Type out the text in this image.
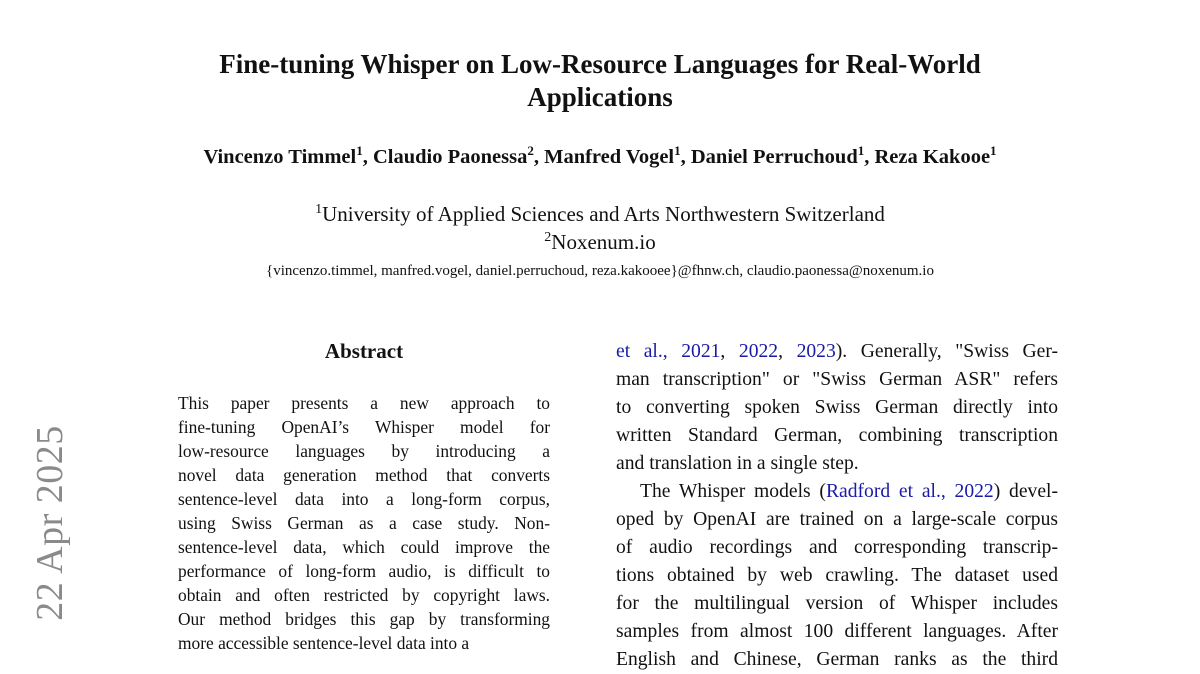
Fine-tuning Whisper on Low-Resource Languages for Real-World Applications
Vincenzo Timmel$^1$, Claudio Paonessa$^2$, Manfred Vogel$^1$, Daniel Perruchoud$^1$, Reza Kakooe$^1$
$^1$University of Applied Sciences and Arts Northwestern Switzerland
$^2$Noxenum.io
{vincenzo.timmel, manfred.vogel, daniel.perruchoud, reza.kakooee}@fhnw.ch, claudio.paonessa@noxenum.io
22 Apr 2025
Abstract
This paper presents a new approach to
fine-tuning OpenAI’s Whisper model for
low-resource languages by introducing a
novel data generation method that converts
sentence-level data into a long-form corpus,
using Swiss German as a case study. Non-
sentence-level data, which could improve the
performance of long-form audio, is difficult to
obtain and often restricted by copyright laws.
Our method bridges this gap by transforming
more accessible sentence-level data into a
et al., 2021, 2022, 2023). Generally, "Swiss Ger-
man transcription" or "Swiss German ASR" refers
to converting spoken Swiss German directly into
written Standard German, combining transcription
and translation in a single step.
The Whisper models (Radford et al., 2022) devel-
oped by OpenAI are trained on a large-scale corpus
of audio recordings and corresponding transcrip-
tions obtained by web crawling. The dataset used
for the multilingual version of Whisper includes
samples from almost 100 different languages. After
English and Chinese, German ranks as the third
